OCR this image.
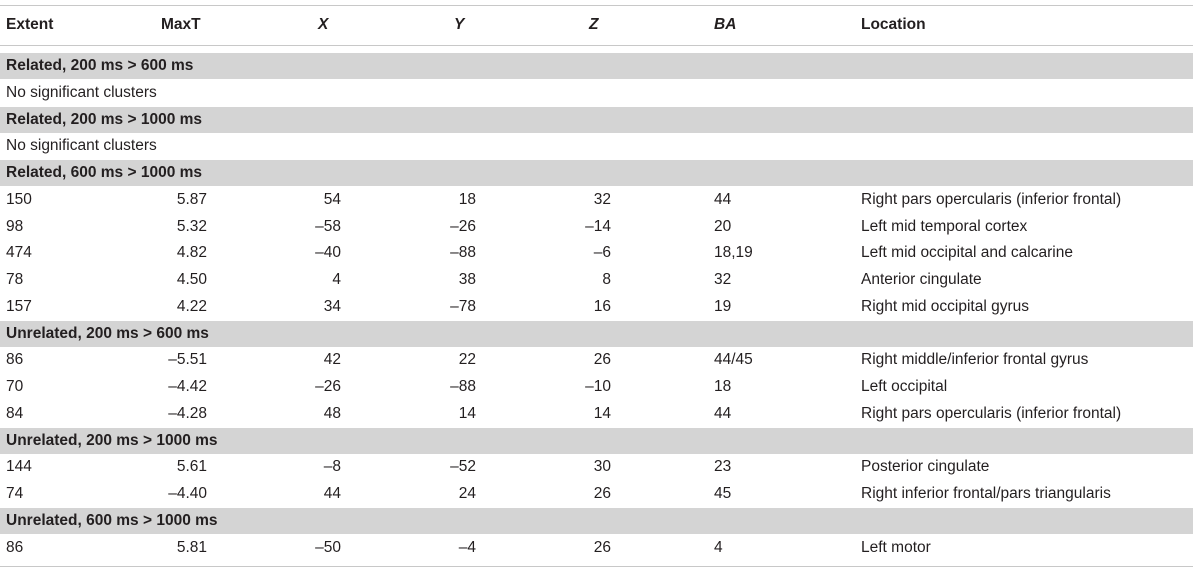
Extent	MaxT	X	Y	Z	BA	Location
Related, 200 ms > 600 ms
No significant clusters
Related, 200 ms > 1000 ms
No significant clusters
Related, 600 ms > 1000 ms
150	5.87	54	18	32	44	Right pars opercularis (inferior frontal)
98	5.32	–58	–26	–14	20	Left mid temporal cortex
474	4.82	–40	–88	–6	18,19	Left mid occipital and calcarine
78	4.50	4	38	8	32	Anterior cingulate
157	4.22	34	–78	16	19	Right mid occipital gyrus
Unrelated, 200 ms > 600 ms
86	–5.51	42	22	26	44/45	Right middle/inferior frontal gyrus
70	–4.42	–26	–88	–10	18	Left occipital
84	–4.28	48	14	14	44	Right pars opercularis (inferior frontal)
Unrelated, 200 ms > 1000 ms
144	5.61	–8	–52	30	23	Posterior cingulate
74	–4.40	44	24	26	45	Right inferior frontal/pars triangularis
Unrelated, 600 ms > 1000 ms
86	5.81	–50	–4	26	4	Left motor
